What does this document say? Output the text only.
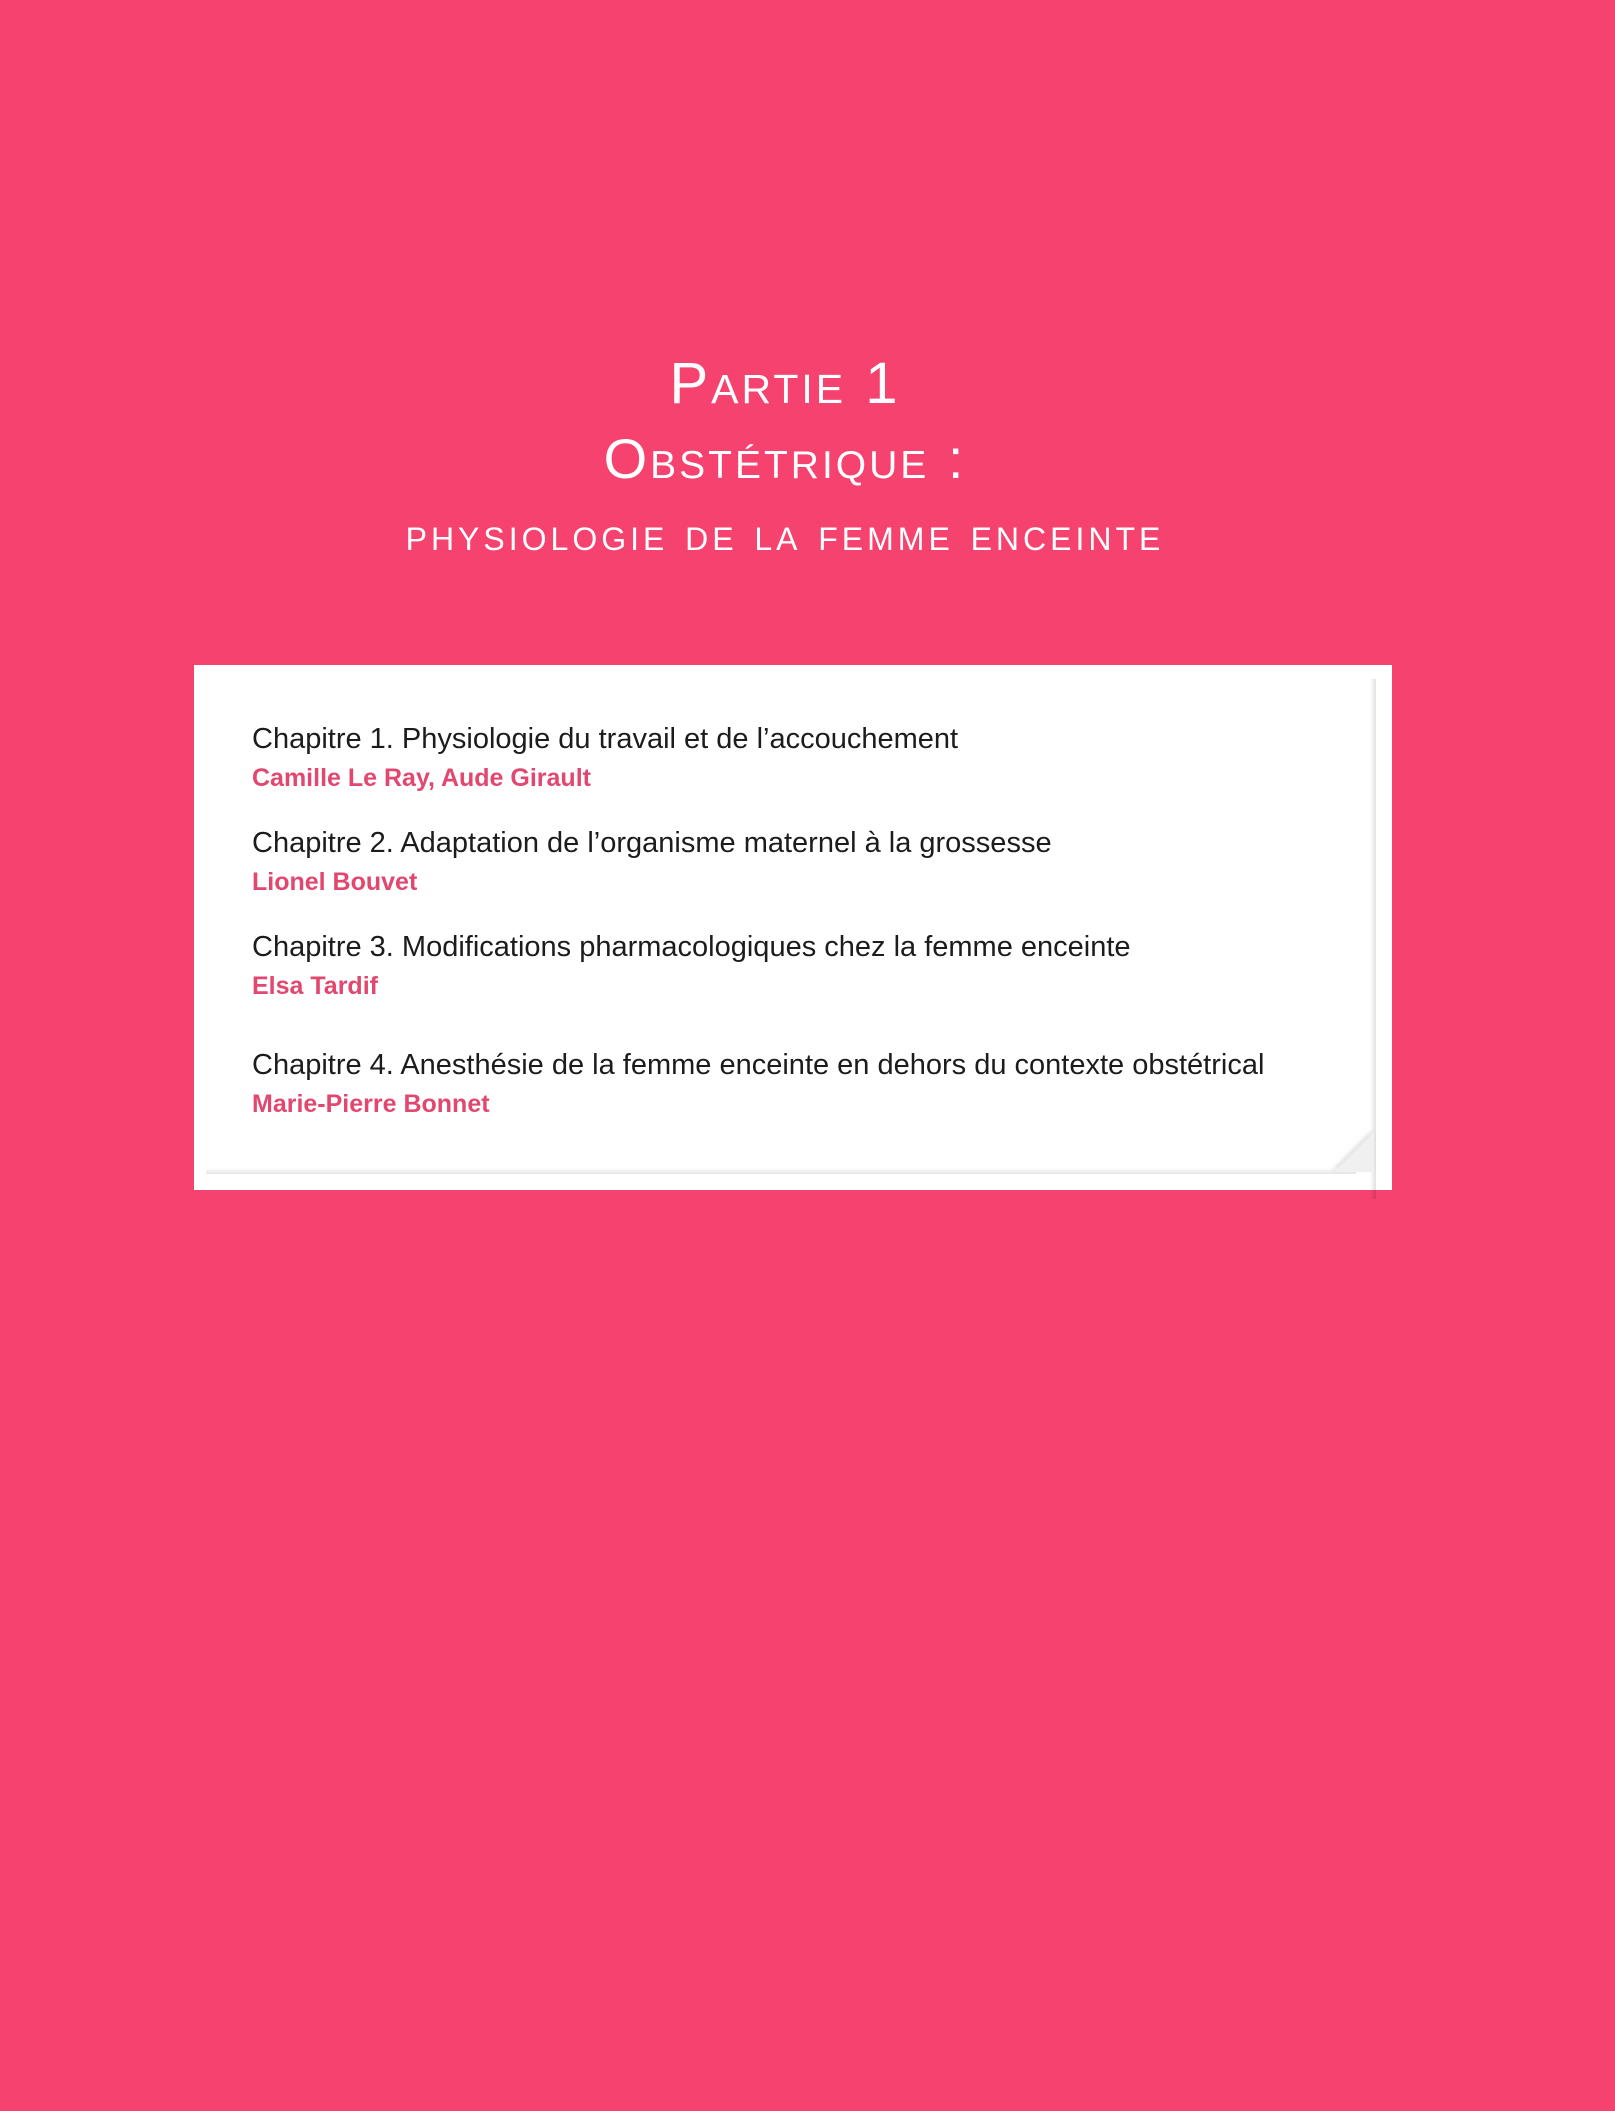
Partie 1

Obstétrique :

physiologie de la femme enceinte

Chapitre 1. Physiologie du travail et de l’accouchement

Camille Le Ray, Aude Girault

Chapitre 2. Adaptation de l’organisme maternel à la grossesse

Lionel Bouvet

Chapitre 3. Modifications pharmacologiques chez la femme enceinte

Elsa Tardif

Chapitre 4. Anesthésie de la femme enceinte en dehors du contexte obstétrical

Marie-Pierre Bonnet
